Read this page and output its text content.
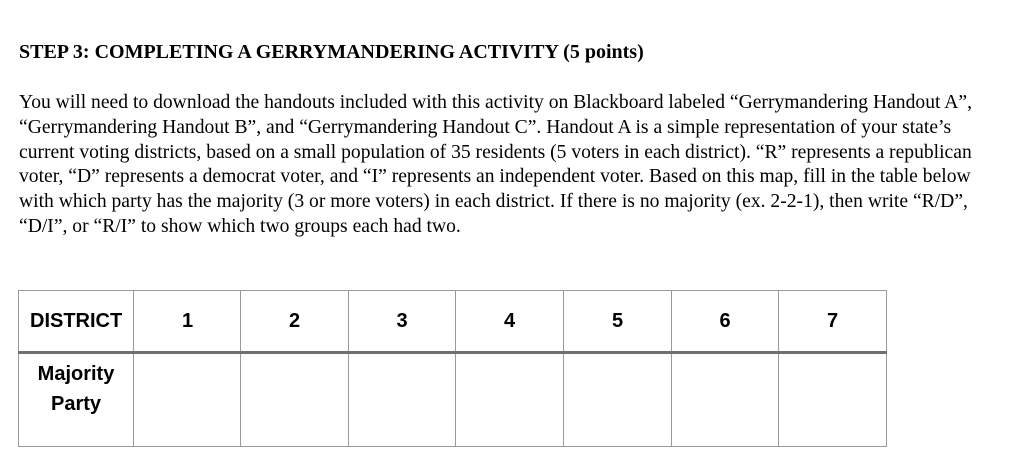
STEP 3: COMPLETING A GERRYMANDERING ACTIVITY (5 points)

You will need to download the handouts included with this activity on Blackboard labeled “Gerrymandering Handout A”, “Gerrymandering Handout B”, and “Gerrymandering Handout C”. Handout A is a simple representation of your state’s current voting districts, based on a small population of 35 residents (5 voters in each district). “R” represents a republican voter, “D” represents a democrat voter, and “I” represents an independent voter. Based on this map, fill in the table below with which party has the majority (3 or more voters) in each district. If there is no majority (ex. 2-2-1), then write “R/D”, “D/I”, or “R/I” to show which two groups each had two.

DISTRICT	1	2	3	4	5	6	7

Majority
Party							
